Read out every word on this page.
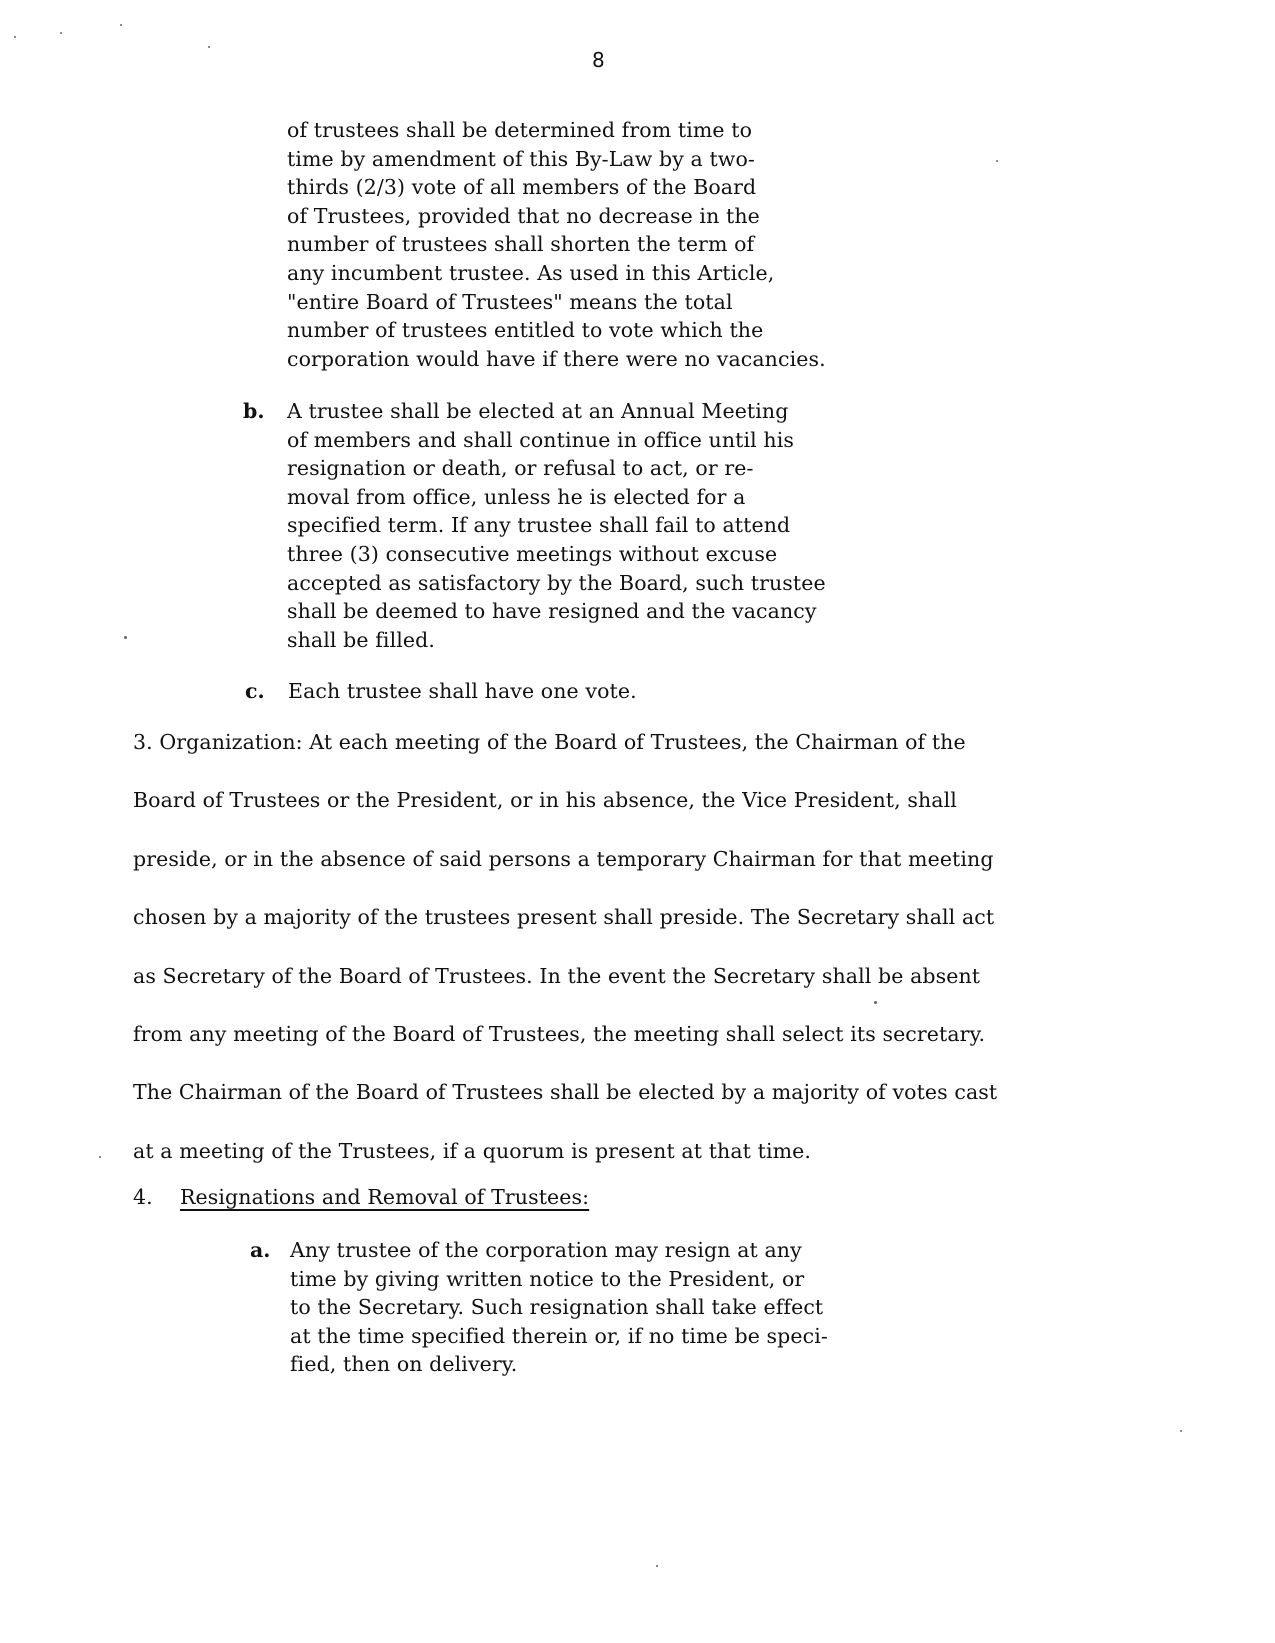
8
of trustees shall be determined from time to
time by amendment of this By-Law by a two-
thirds (2/3) vote of all members of the Board
of Trustees, provided that no decrease in the
number of trustees shall shorten the term of
any incumbent trustee. As used in this Article,
"entire Board of Trustees" means the total
number of trustees entitled to vote which the
corporation would have if there were no vacancies.
b. A trustee shall be elected at an Annual Meeting
of members and shall continue in office until his
resignation or death, or refusal to act, or re-
moval from office, unless he is elected for a
specified term. If any trustee shall fail to attend
three (3) consecutive meetings without excuse
accepted as satisfactory by the Board, such trustee
shall be deemed to have resigned and the vacancy
shall be filled.
c. Each trustee shall have one vote.
3. Organization: At each meeting of the Board of Trustees, the Chairman of the
Board of Trustees or the President, or in his absence, the Vice President, shall
preside, or in the absence of said persons a temporary Chairman for that meeting
chosen by a majority of the trustees present shall preside. The Secretary shall act
as Secretary of the Board of Trustees. In the event the Secretary shall be absent
from any meeting of the Board of Trustees, the meeting shall select its secretary.
The Chairman of the Board of Trustees shall be elected by a majority of votes cast
at a meeting of the Trustees, if a quorum is present at that time.
4. Resignations and Removal of Trustees:
a. Any trustee of the corporation may resign at any
time by giving written notice to the President, or
to the Secretary. Such resignation shall take effect
at the time specified therein or, if no time be speci-
fied, then on delivery.
